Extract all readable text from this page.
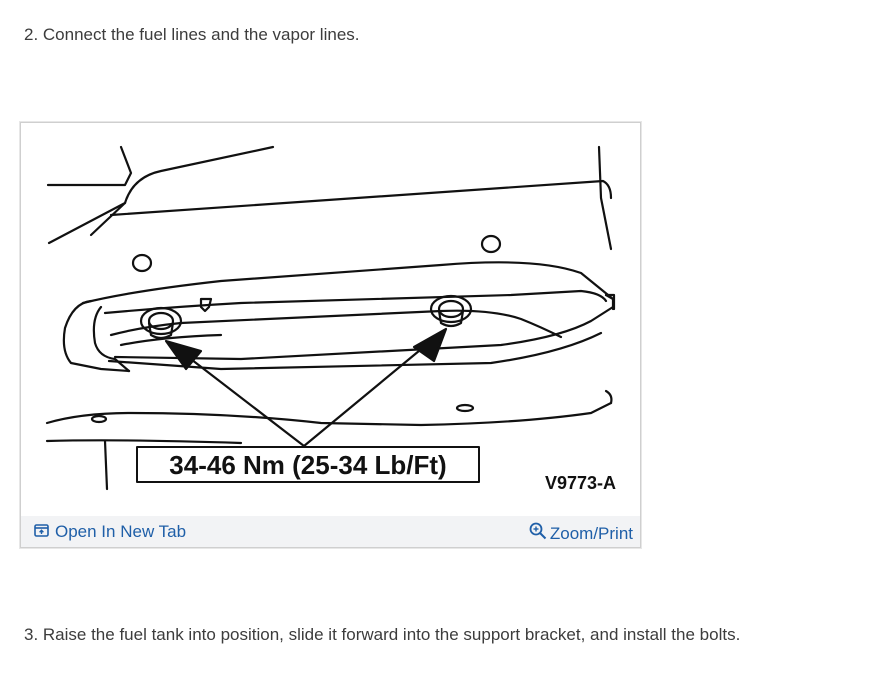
2. Connect the fuel lines and the vapor lines.

34-46 Nm (25-34 Lb/Ft)
V9773-A
Open In New Tab	Zoom/Print

3. Raise the fuel tank into position, slide it forward into the support bracket, and install the bolts.
